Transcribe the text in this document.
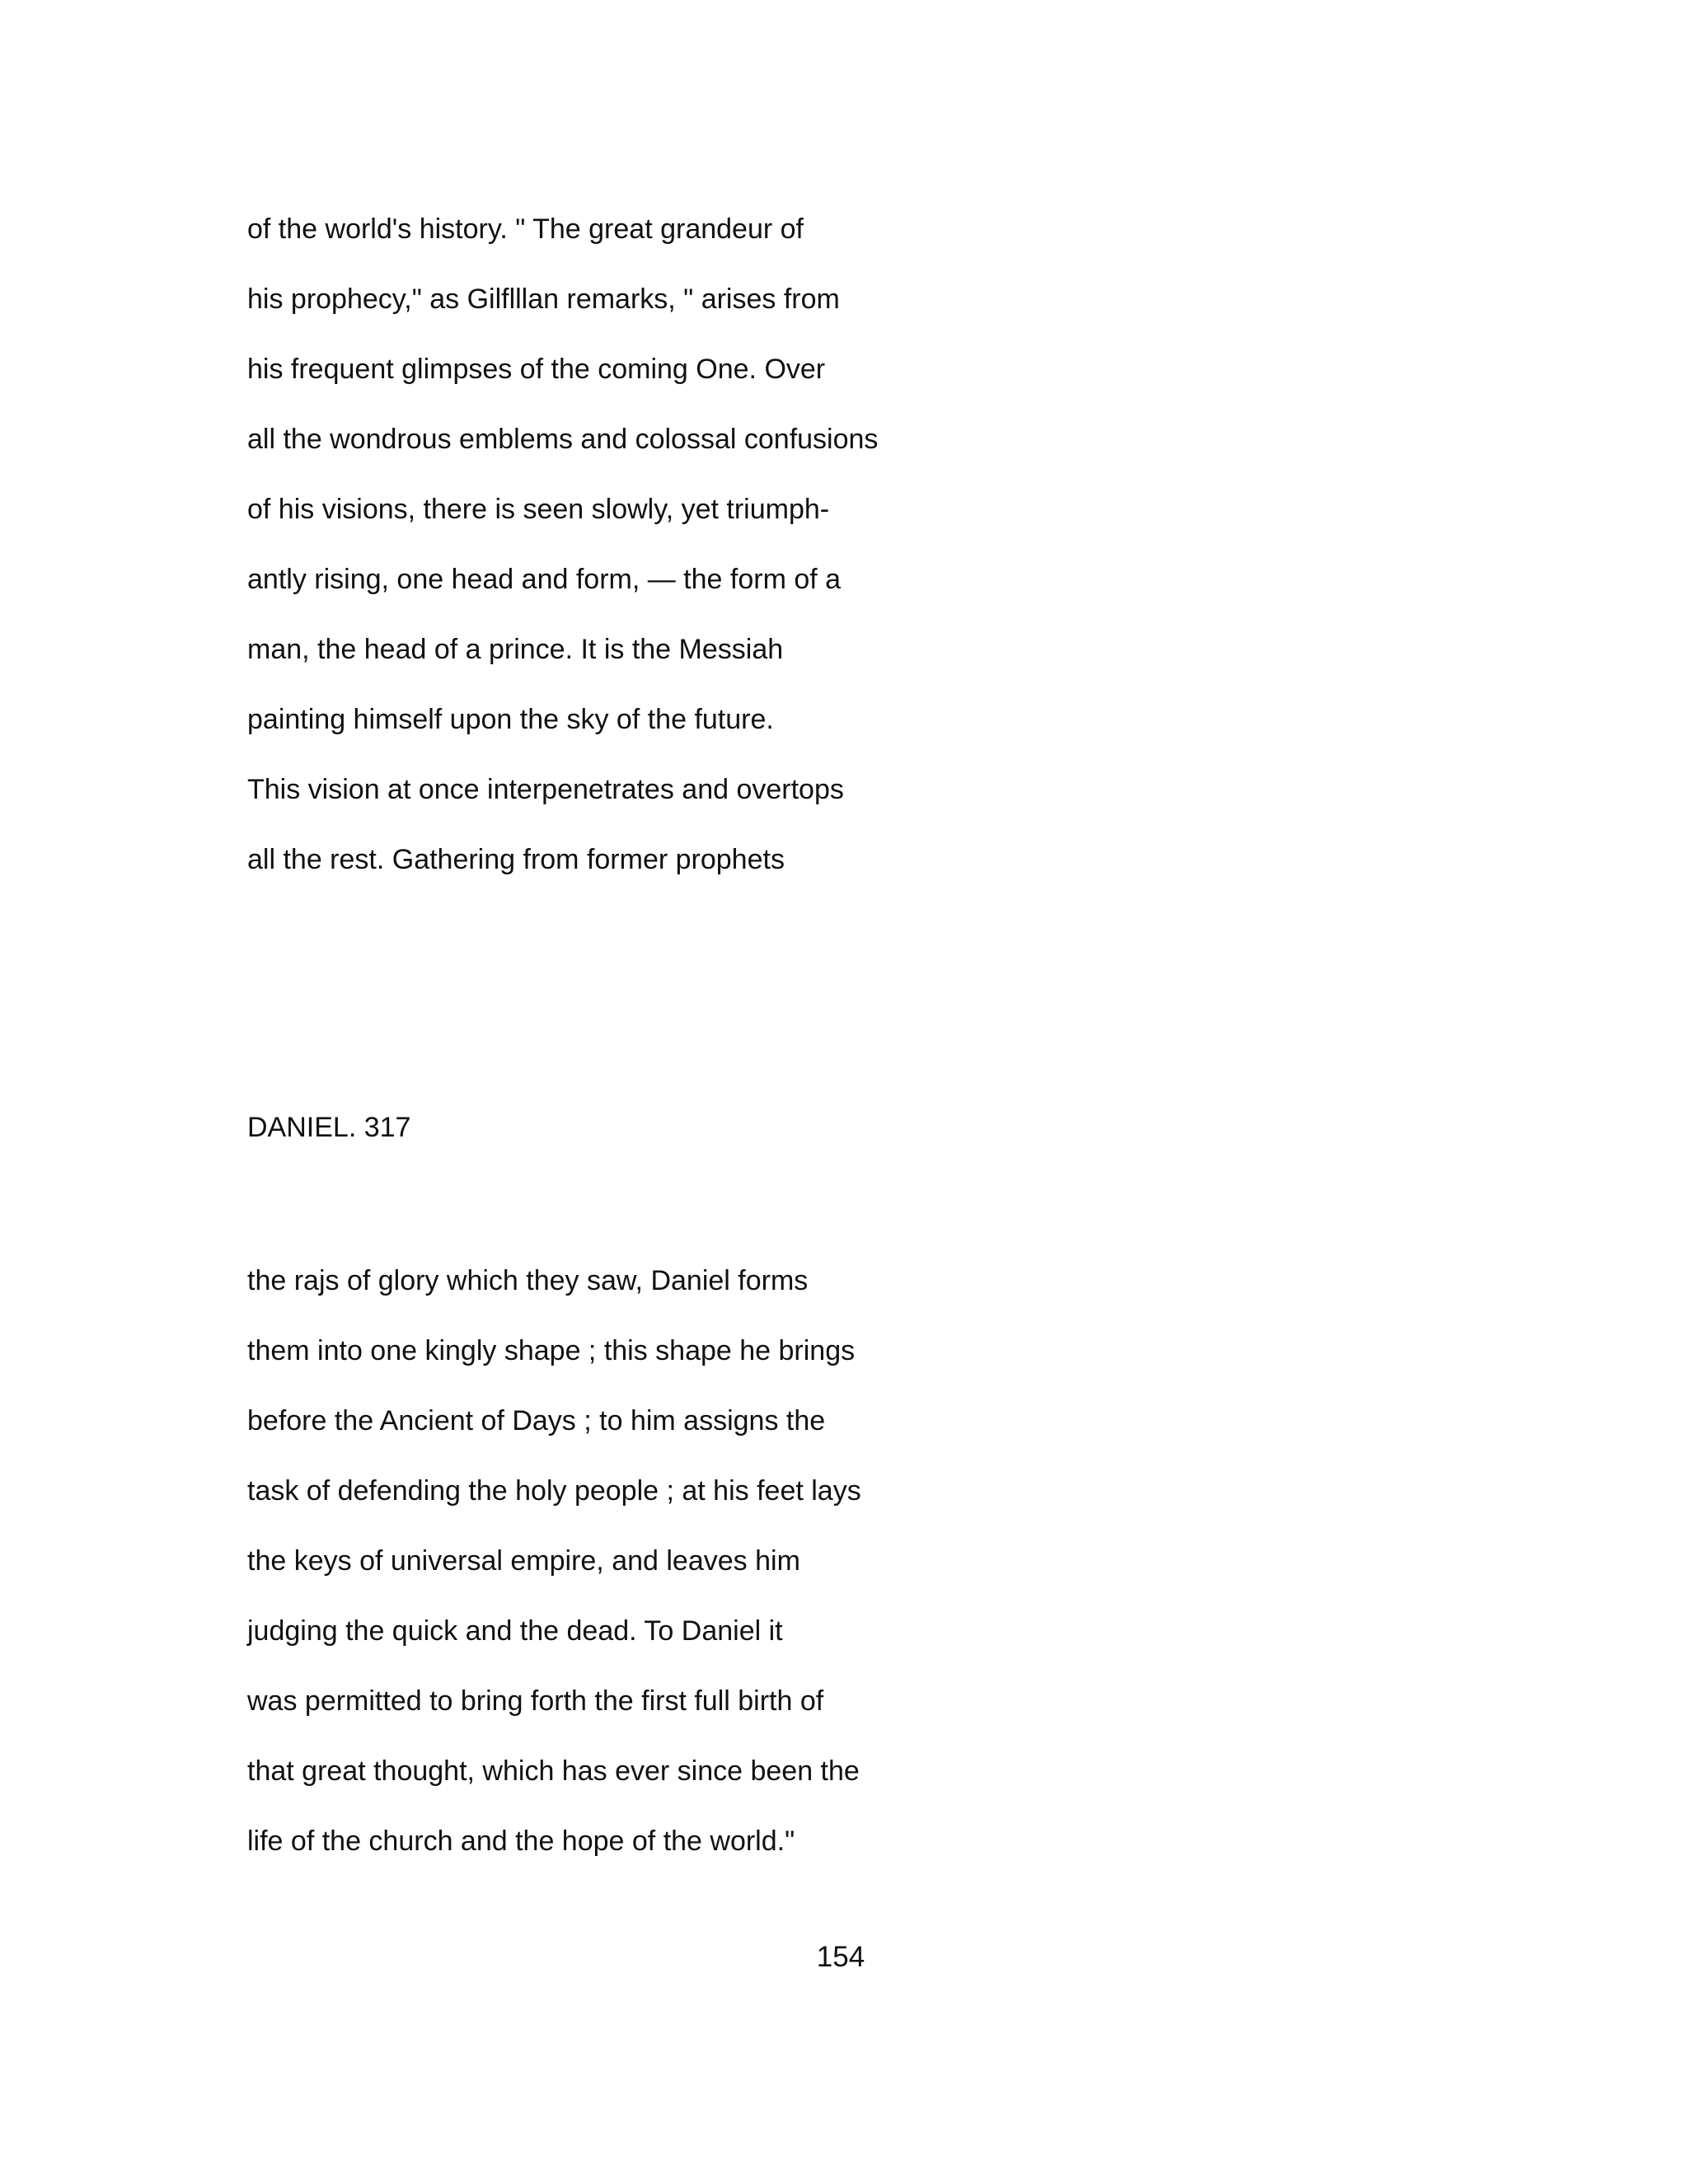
of the world's history. " The great grandeur of

his prophecy," as Gilflllan remarks, " arises from

his frequent glimpses of the coming One. Over

all the wondrous emblems and colossal confusions

of his visions, there is seen slowly, yet triumph-

antly rising, one head and form, — the form of a

man, the head of a prince. It is the Messiah

painting himself upon the sky of the future.

This vision at once interpenetrates and overtops

all the rest. Gathering from former prophets

DANIEL. 317

the rajs of glory which they saw, Daniel forms

them into one kingly shape ; this shape he brings

before the Ancient of Days ; to him assigns the

task of defending the holy people ; at his feet lays

the keys of universal empire, and leaves him

judging the quick and the dead. To Daniel it

was permitted to bring forth the first full birth of

that great thought, which has ever since been the

life of the church and the hope of the world."

154
